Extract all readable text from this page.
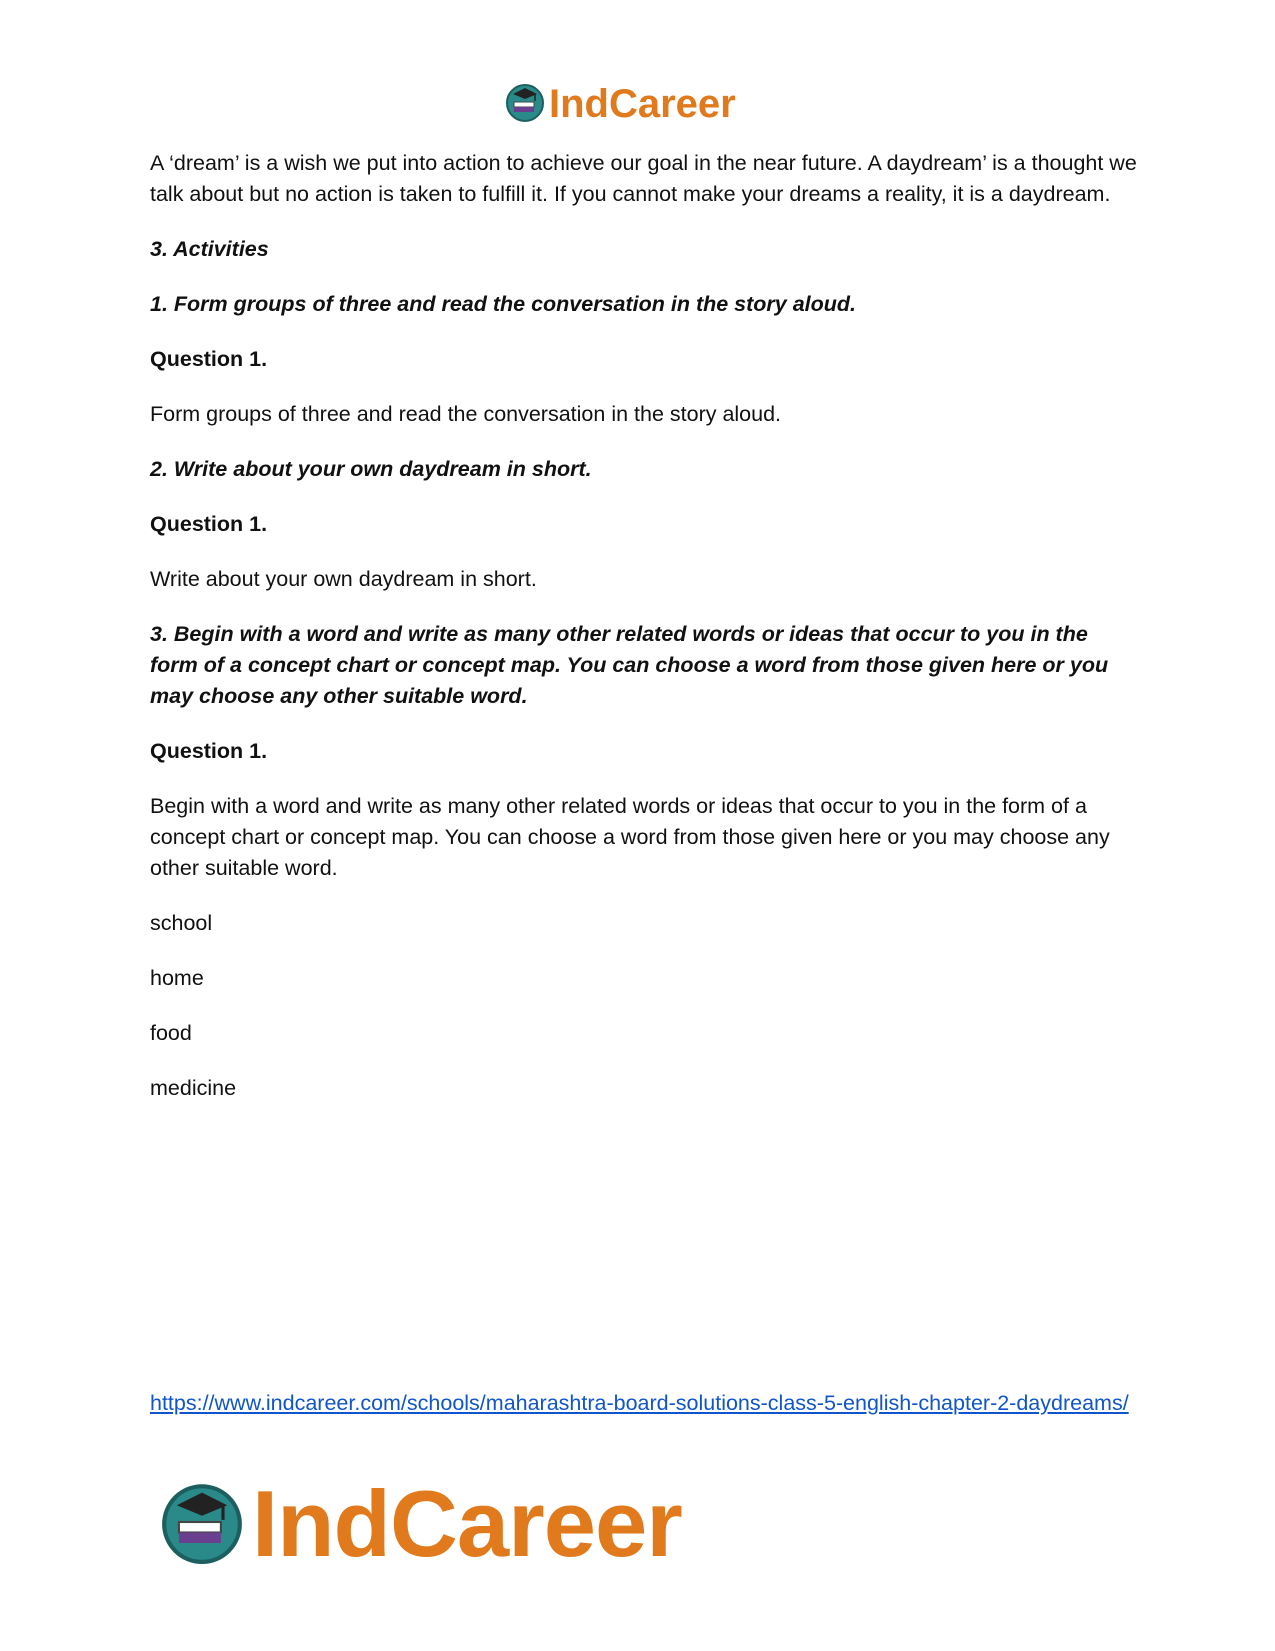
IndCareer

A ‘dream’ is a wish we put into action to achieve our goal in the near future. A daydream’ is a thought we talk about but no action is taken to fulfill it. If you cannot make your dreams a reality, it is a daydream.

3. Activities

1. Form groups of three and read the conversation in the story aloud.

Question 1.

Form groups of three and read the conversation in the story aloud.

2. Write about your own daydream in short.

Question 1.

Write about your own daydream in short.

3. Begin with a word and write as many other related words or ideas that occur to you in the form of a concept chart or concept map. You can choose a word from those given here or you may choose any other suitable word.

Question 1.

Begin with a word and write as many other related words or ideas that occur to you in the form of a concept chart or concept map. You can choose a word from those given here or you may choose any other suitable word.

school

home

food

medicine

https://www.indcareer.com/schools/maharashtra-board-solutions-class-5-english-chapter-2-daydreams/
IndCareer
